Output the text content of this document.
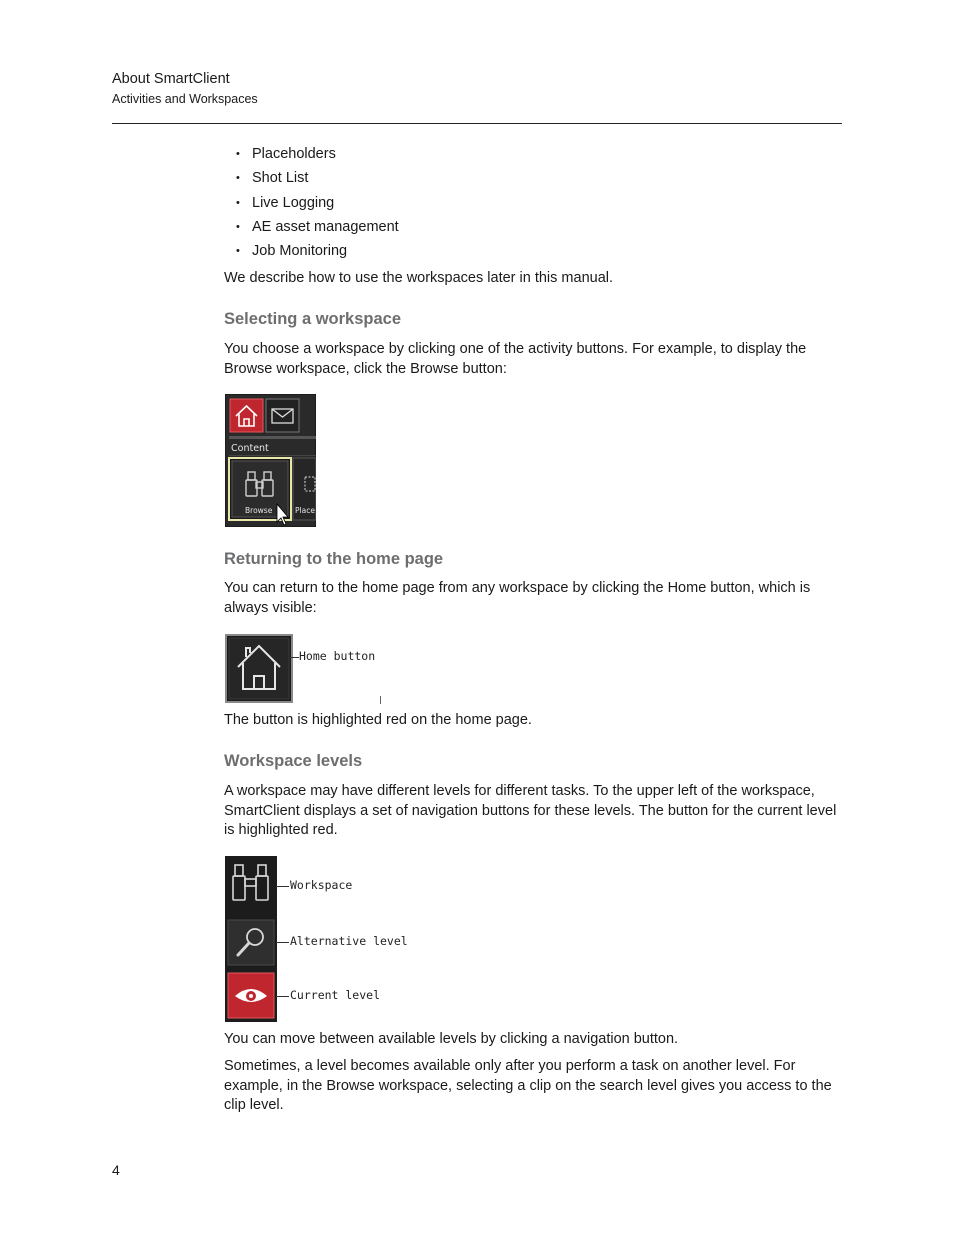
About SmartClient
Activities and Workspaces
• Placeholders
• Shot List
• Live Logging
• AE asset management
• Job Monitoring

We describe how to use the workspaces later in this manual.

Selecting a workspace

You choose a workspace by clicking one of the activity buttons. For example, to display the Browse workspace, click the Browse button:

Content
Browse	Place
Returning to the home page

You can return to the home page from any workspace by clicking the Home button, which is always visible:

Home button

The button is highlighted red on the home page.

Workspace levels

A workspace may have different levels for different tasks. To the upper left of the workspace, SmartClient displays a set of navigation buttons for these levels. The button for the current level is highlighted red.

Workspace
Alternative level
Current level

You can move between available levels by clicking a navigation button.

Sometimes, a level becomes available only after you perform a task on another level. For example, in the Browse workspace, selecting a clip on the search level gives you access to the clip level.

4
